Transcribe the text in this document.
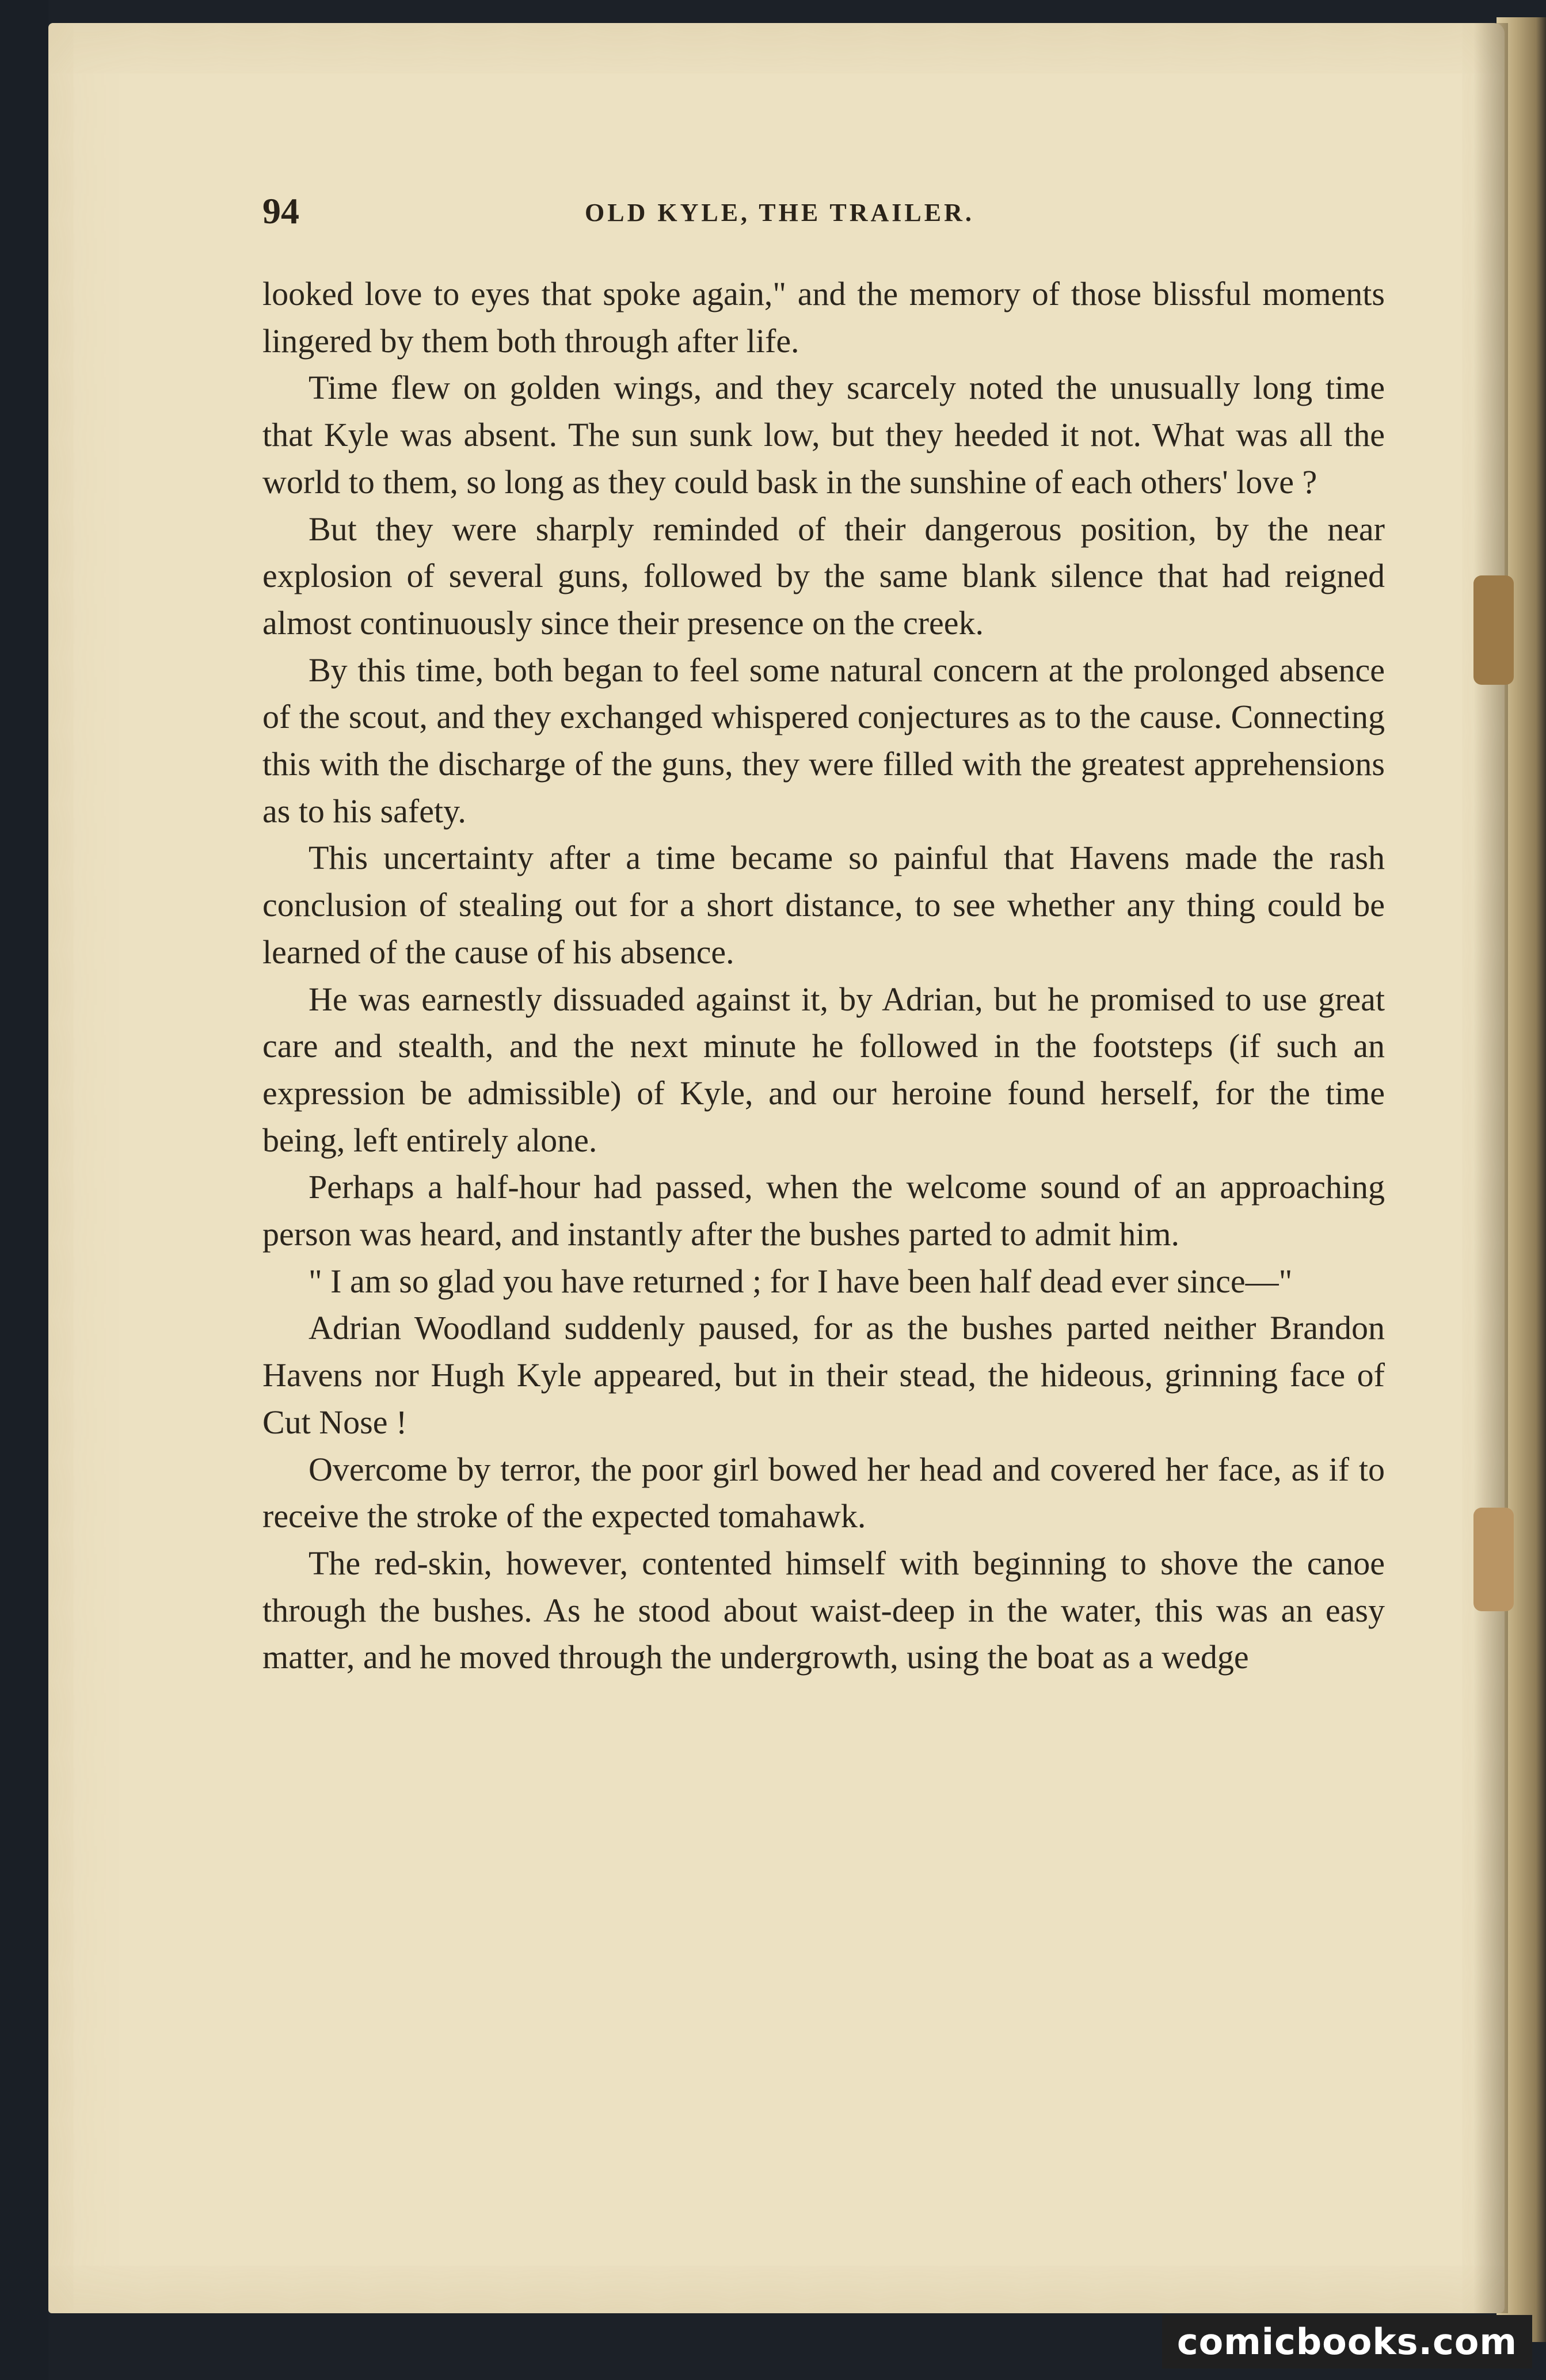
94	OLD KYLE, THE TRAILER.

looked love to eyes that spoke again," and the memory of those blissful moments lingered by them both through after life.

Time flew on golden wings, and they scarcely noted the unusually long time that Kyle was absent. The sun sunk low, but they heeded it not. What was all the world to them, so long as they could bask in the sunshine of each others' love ?

But they were sharply reminded of their dangerous position, by the near explosion of several guns, followed by the same blank silence that had reigned almost continuously since their presence on the creek.

By this time, both began to feel some natural concern at the prolonged absence of the scout, and they exchanged whispered conjectures as to the cause. Connecting this with the discharge of the guns, they were filled with the greatest apprehensions as to his safety.

This uncertainty after a time became so painful that Havens made the rash conclusion of stealing out for a short distance, to see whether any thing could be learned of the cause of his absence.

He was earnestly dissuaded against it, by Adrian, but he promised to use great care and stealth, and the next minute he followed in the footsteps (if such an expression be admissible) of Kyle, and our heroine found herself, for the time being, left entirely alone.

Perhaps a half-hour had passed, when the welcome sound of an approaching person was heard, and instantly after the bushes parted to admit him.

" I am so glad you have returned ; for I have been half dead ever since—"

Adrian Woodland suddenly paused, for as the bushes parted neither Brandon Havens nor Hugh Kyle appeared, but in their stead, the hideous, grinning face of Cut Nose !

Overcome by terror, the poor girl bowed her head and covered her face, as if to receive the stroke of the expected tomahawk.

The red-skin, however, contented himself with beginning to shove the canoe through the bushes. As he stood about waist-deep in the water, this was an easy matter, and he moved through the undergrowth, using the boat as a wedge

comicbooks.com
